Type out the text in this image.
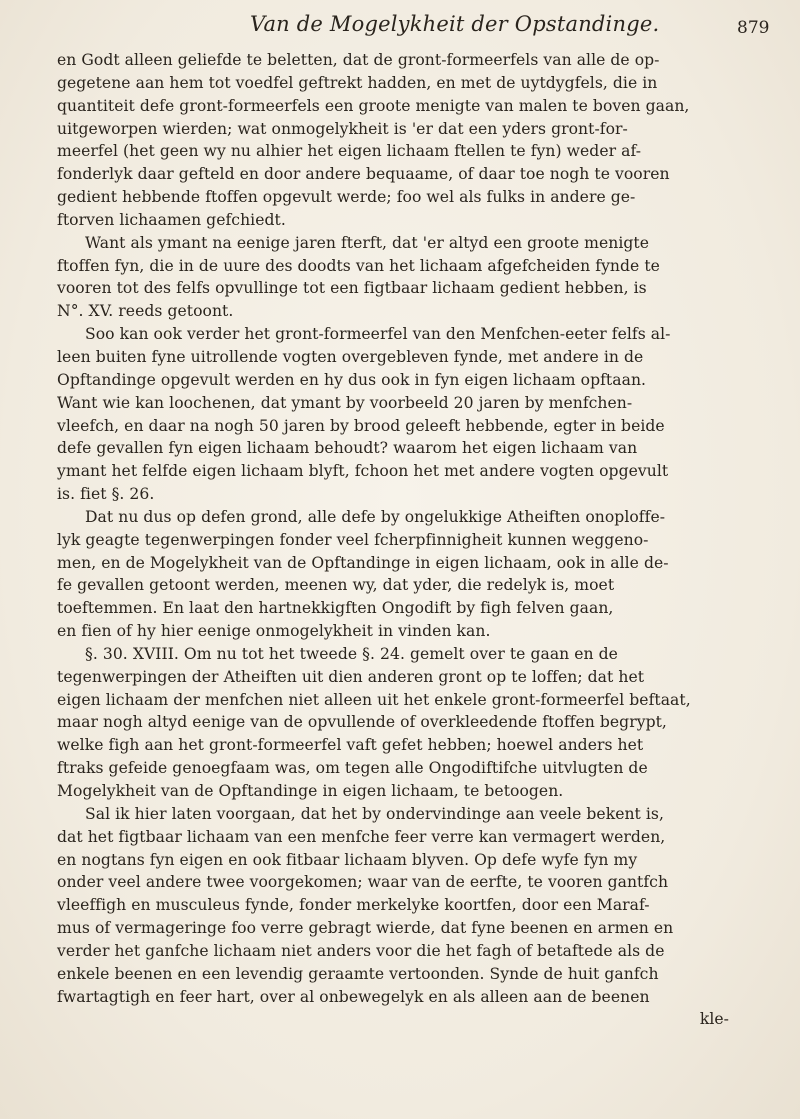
Van de Mogelykheit der Opstandinge.	879
en Godt alleen geliefde te beletten, dat de gront-formeerfels van alle de op-
gegetene aan hem tot voedfel geftrekt hadden, en met de uytdygfels, die in
quantiteit defe gront-formeerfels een groote menigte van malen te boven gaan,
uitgeworpen wierden; wat onmogelykheit is 'er dat een yders gront-for-
meerfel (het geen wy nu alhier het eigen lichaam ftellen te fyn) weder af-
fonderlyk daar gefteld en door andere bequaame, of daar toe nogh te vooren
gedient hebbende ftoffen opgevult werde; foo wel als fulks in andere ge-
ftorven lichaamen gefchiedt.
Want als ymant na eenige jaren fterft, dat 'er altyd een groote menigte
ftoffen fyn, die in de uure des doodts van het lichaam afgefcheiden fynde te
vooren tot des felfs opvullinge tot een figtbaar lichaam gedient hebben, is
N°. XV. reeds getoont.
Soo kan ook verder het gront-formeerfel van den Menfchen-eeter felfs al-
leen buiten fyne uitrollende vogten overgebleven fynde, met andere in de
Opftandinge opgevult werden en hy dus ook in fyn eigen lichaam opftaan.
Want wie kan loochenen, dat ymant by voorbeeld 20 jaren by menfchen-
vleefch, en daar na nogh 50 jaren by brood geleeft hebbende, egter in beide
defe gevallen fyn eigen lichaam behoudt? waarom het eigen lichaam van
ymant het felfde eigen lichaam blyft, fchoon het met andere vogten opgevult
is. fiet §. 26.
Dat nu dus op defen grond, alle defe by ongelukkige Atheiften onoploffe-
lyk geagte tegenwerpingen fonder veel fcherpfinnigheit kunnen weggeno-
men, en de Mogelykheit van de Opftandinge in eigen lichaam, ook in alle de-
fe gevallen getoont werden, meenen wy, dat yder, die redelyk is, moet
toeftemmen. En laat den hartnekkigften Ongodift by figh felven gaan,
en fien of hy hier eenige onmogelykheit in vinden kan.
§. 30. XVIII. Om nu tot het tweede §. 24. gemelt over te gaan en de
tegenwerpingen der Atheiften uit dien anderen gront op te loffen; dat het
eigen lichaam der menfchen niet alleen uit het enkele gront-formeerfel beftaat,
maar nogh altyd eenige van de opvullende of overkleedende ftoffen begrypt,
welke figh aan het gront-formeerfel vaft gefet hebben; hoewel anders het
ftraks gefeide genoegfaam was, om tegen alle Ongodiftifche uitvlugten de
Mogelykheit van de Opftandinge in eigen lichaam, te betoogen.
Sal ik hier laten voorgaan, dat het by ondervindinge aan veele bekent is,
dat het figtbaar lichaam van een menfche feer verre kan vermagert werden,
en nogtans fyn eigen en ook fitbaar lichaam blyven. Op defe wyfe fyn my
onder veel andere twee voorgekomen; waar van de eerfte, te vooren gantfch
vleeffigh en musculeus fynde, fonder merkelyke koortfen, door een Maraf-
mus of vermageringe foo verre gebragt wierde, dat fyne beenen en armen en
verder het ganfche lichaam niet anders voor die het fagh of betaftede als de
enkele beenen en een levendig geraamte vertoonden. Synde de huit ganfch
fwartagtigh en feer hart, over al onbewegelyk en als alleen aan de beenen
kle-
